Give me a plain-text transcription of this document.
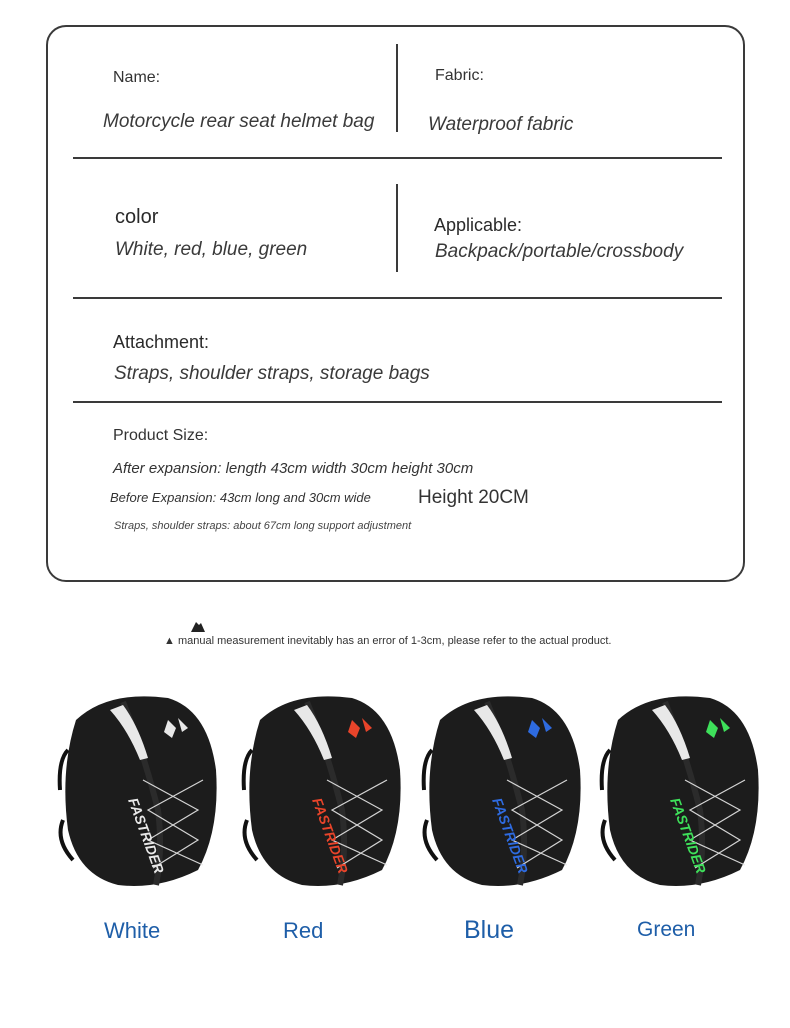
Name:
Motorcycle rear seat helmet bag
Fabric:
Waterproof fabric
color
White, red, blue, green
Applicable:
Backpack/portable/crossbody
Attachment:
Straps, shoulder straps, storage bags
Product Size:
After expansion: length 43cm width 30cm height 30cm
Before Expansion: 43cm long and 30cm wide Height 20CM
Straps, shoulder straps: about 67cm long support adjustment
▲ manual measurement inevitably has an error of 1-3cm, please refer to the actual product.
FASTRIDER	FASTRIDER	FASTRIDER	FASTRIDER
White	Red	Blue	Green
